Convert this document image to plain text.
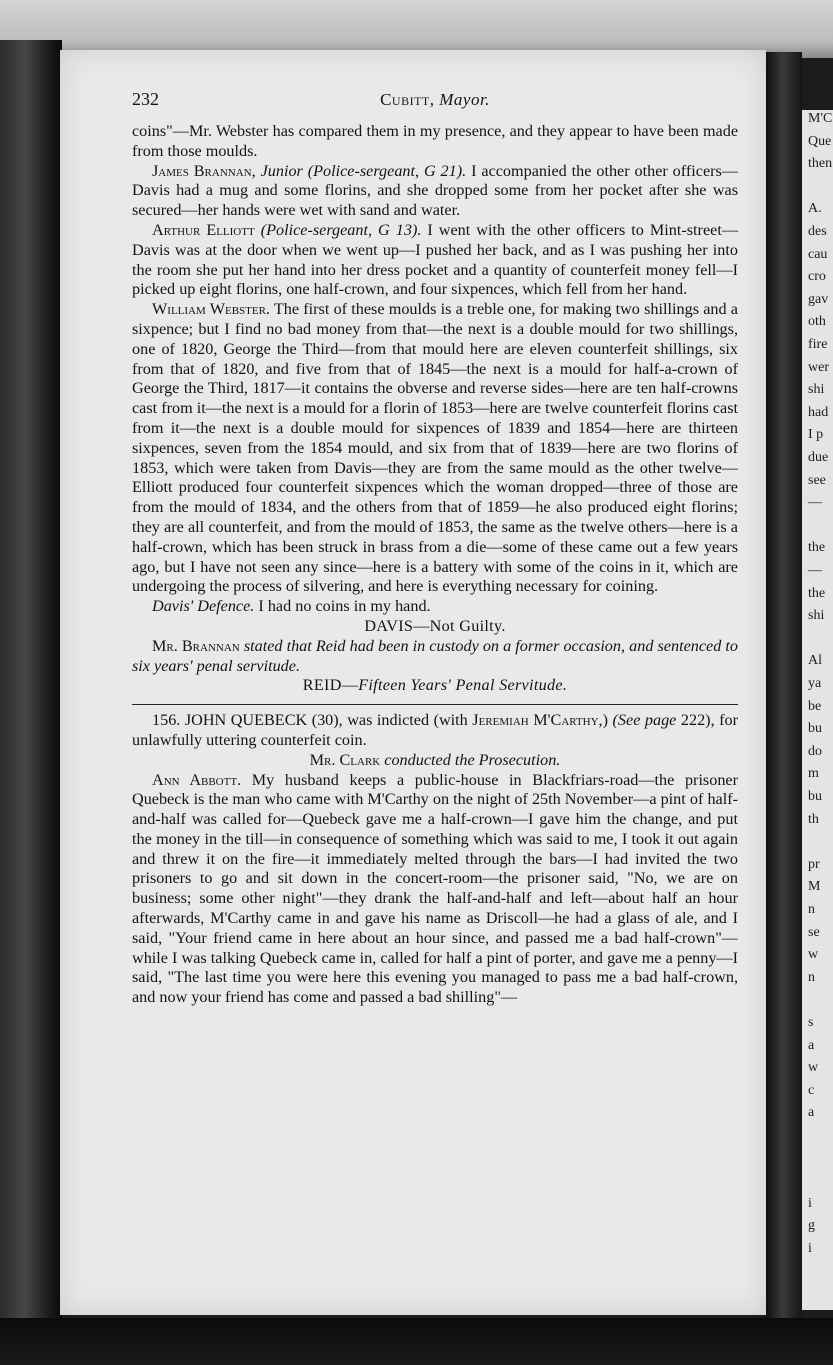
M'C
Que
then
A.
des
cau
cro
gav
oth
fire
wer
shi
had
I p
due
see
—
the
—
the
shi
Al
ya
be
bu
do
m
bu
th
pr
M
n
se
w
n
s
a
w
c
a
i
g
i
232	Cubitt, Mayor.

coins"—Mr. Webster has compared them in my presence, and they appear to have been made from those moulds.

James Brannan, Junior (Police-sergeant, G 21). I accompanied the other other officers—Davis had a mug and some florins, and she dropped some from her pocket after she was secured—her hands were wet with sand and water.

Arthur Elliott (Police-sergeant, G 13). I went with the other officers to Mint-street—Davis was at the door when we went up—I pushed her back, and as I was pushing her into the room she put her hand into her dress pocket and a quantity of counterfeit money fell—I picked up eight florins, one half-crown, and four sixpences, which fell from her hand.

William Webster. The first of these moulds is a treble one, for making two shillings and a sixpence; but I find no bad money from that—the next is a double mould for two shillings, one of 1820, George the Third—from that mould here are eleven counterfeit shillings, six from that of 1820, and five from that of 1845—the next is a mould for half-a-crown of George the Third, 1817—it contains the obverse and reverse sides—here are ten half-crowns cast from it—the next is a mould for a florin of 1853—here are twelve counterfeit florins cast from it—the next is a double mould for sixpences of 1839 and 1854—here are thirteen sixpences, seven from the 1854 mould, and six from that of 1839—here are two florins of 1853, which were taken from Davis—they are from the same mould as the other twelve—Elliott produced four counterfeit sixpences which the woman dropped—three of those are from the mould of 1834, and the others from that of 1859—he also produced eight florins; they are all counterfeit, and from the mould of 1853, the same as the twelve others—here is a half-crown, which has been struck in brass from a die—some of these came out a few years ago, but I have not seen any since—here is a battery with some of the coins in it, which are undergoing the process of silvering, and here is everything necessary for coining.

Davis' Defence. I had no coins in my hand.

DAVIS—Not Guilty.

Mr. Brannan stated that Reid had been in custody on a former occasion, and sentenced to six years' penal servitude.

REID—Fifteen Years' Penal Servitude.

156. JOHN QUEBECK (30), was indicted (with Jeremiah M'Carthy,) (See page 222), for unlawfully uttering counterfeit coin.

Mr. Clark conducted the Prosecution.

Ann Abbott. My husband keeps a public-house in Blackfriars-road—the prisoner Quebeck is the man who came with M'Carthy on the night of 25th November—a pint of half-and-half was called for—Quebeck gave me a half-crown—I gave him the change, and put the money in the till—in consequence of something which was said to me, I took it out again and threw it on the fire—it immediately melted through the bars—I had invited the two prisoners to go and sit down in the concert-room—the prisoner said, "No, we are on business; some other night"—they drank the half-and-half and left—about half an hour afterwards, M'Carthy came in and gave his name as Driscoll—he had a glass of ale, and I said, "Your friend came in here about an hour since, and passed me a bad half-crown"—while I was talking Quebeck came in, called for half a pint of porter, and gave me a penny—I said, "The last time you were here this evening you managed to pass me a bad half-crown, and now your friend has come and passed a bad shilling"—
